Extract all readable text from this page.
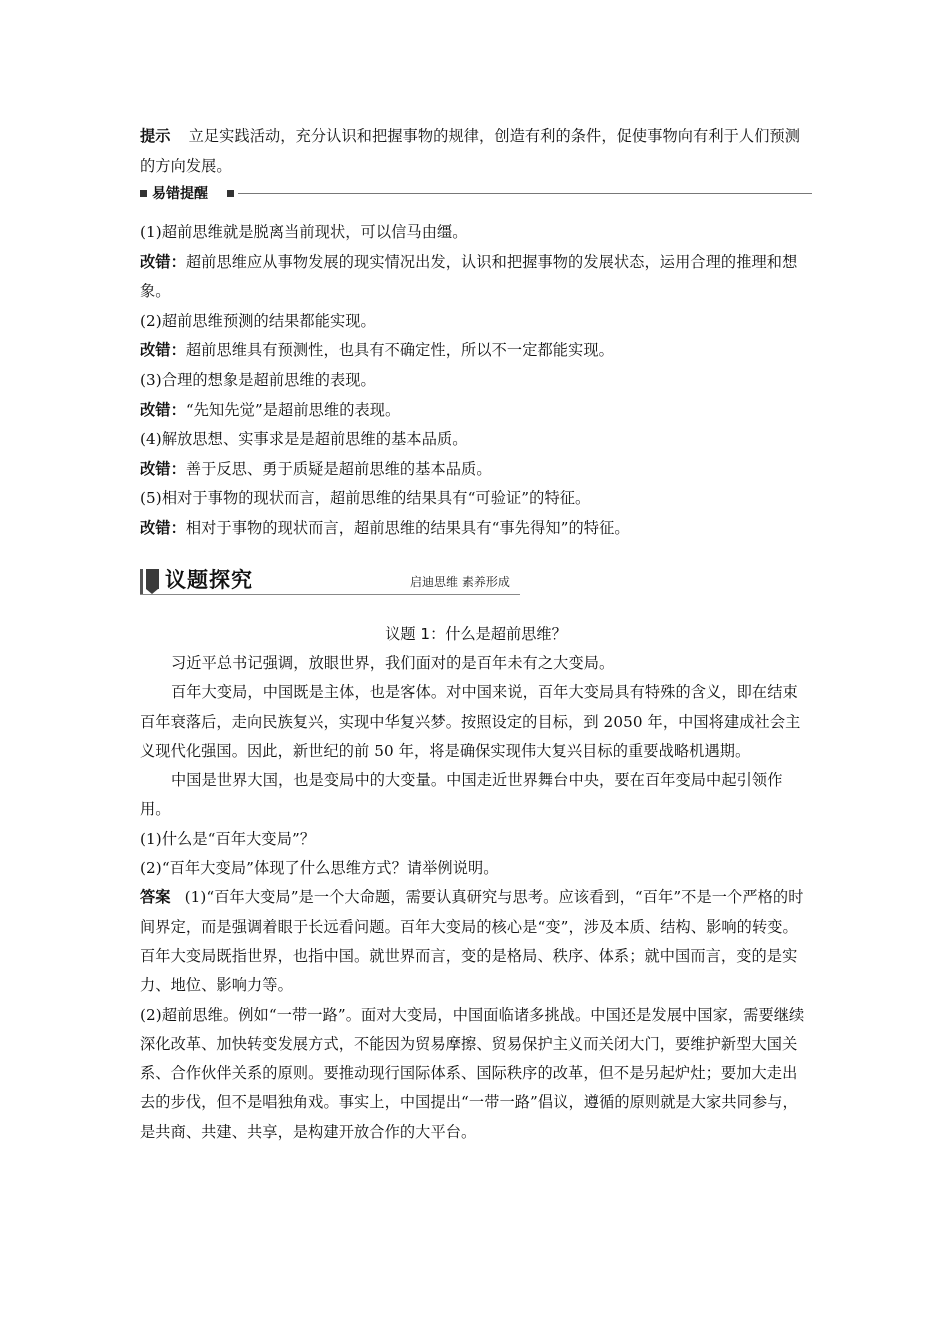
提示 立足实践活动，充分认识和把握事物的规律，创造有利的条件，促使事物向有利于人们预测的方向发展。

易错提醒

(1)超前思维就是脱离当前现状，可以信马由缰。

改错：超前思维应从事物发展的现实情况出发，认识和把握事物的发展状态，运用合理的推理和想象。

(2)超前思维预测的结果都能实现。

改错：超前思维具有预测性，也具有不确定性，所以不一定都能实现。

(3)合理的想象是超前思维的表现。

改错：“先知先觉”是超前思维的表现。

(4)解放思想、实事求是是超前思维的基本品质。

改错：善于反思、勇于质疑是超前思维的基本品质。

(5)相对于事物的现状而言，超前思维的结果具有“可验证”的特征。

改错：相对于事物的现状而言，超前思维的结果具有“事先得知”的特征。

议题探究	启迪思维 素养形成
议题 1：什么是超前思维？

习近平总书记强调，放眼世界，我们面对的是百年未有之大变局。

百年大变局，中国既是主体，也是客体。对中国来说，百年大变局具有特殊的含义，即在结束百年衰落后，走向民族复兴，实现中华复兴梦。按照设定的目标，到 2050 年，中国将建成社会主义现代化强国。因此，新世纪的前 50 年，将是确保实现伟大复兴目标的重要战略机遇期。

中国是世界大国，也是变局中的大变量。中国走近世界舞台中央，要在百年变局中起引领作用。

(1)什么是“百年大变局”？

(2)“百年大变局”体现了什么思维方式？请举例说明。

答案 (1)“百年大变局”是一个大命题，需要认真研究与思考。应该看到，“百年”不是一个严格的时间界定，而是强调着眼于长远看问题。百年大变局的核心是“变”，涉及本质、结构、影响的转变。百年大变局既指世界，也指中国。就世界而言，变的是格局、秩序、体系；就中国而言，变的是实力、地位、影响力等。

(2)超前思维。例如“一带一路”。面对大变局，中国面临诸多挑战。中国还是发展中国家，需要继续深化改革、加快转变发展方式，不能因为贸易摩擦、贸易保护主义而关闭大门，要维护新型大国关系、合作伙伴关系的原则。要推动现行国际体系、国际秩序的改革，但不是另起炉灶；要加大走出去的步伐，但不是唱独角戏。事实上，中国提出“一带一路”倡议，遵循的原则就是大家共同参与，是共商、共建、共享，是构建开放合作的大平台。
